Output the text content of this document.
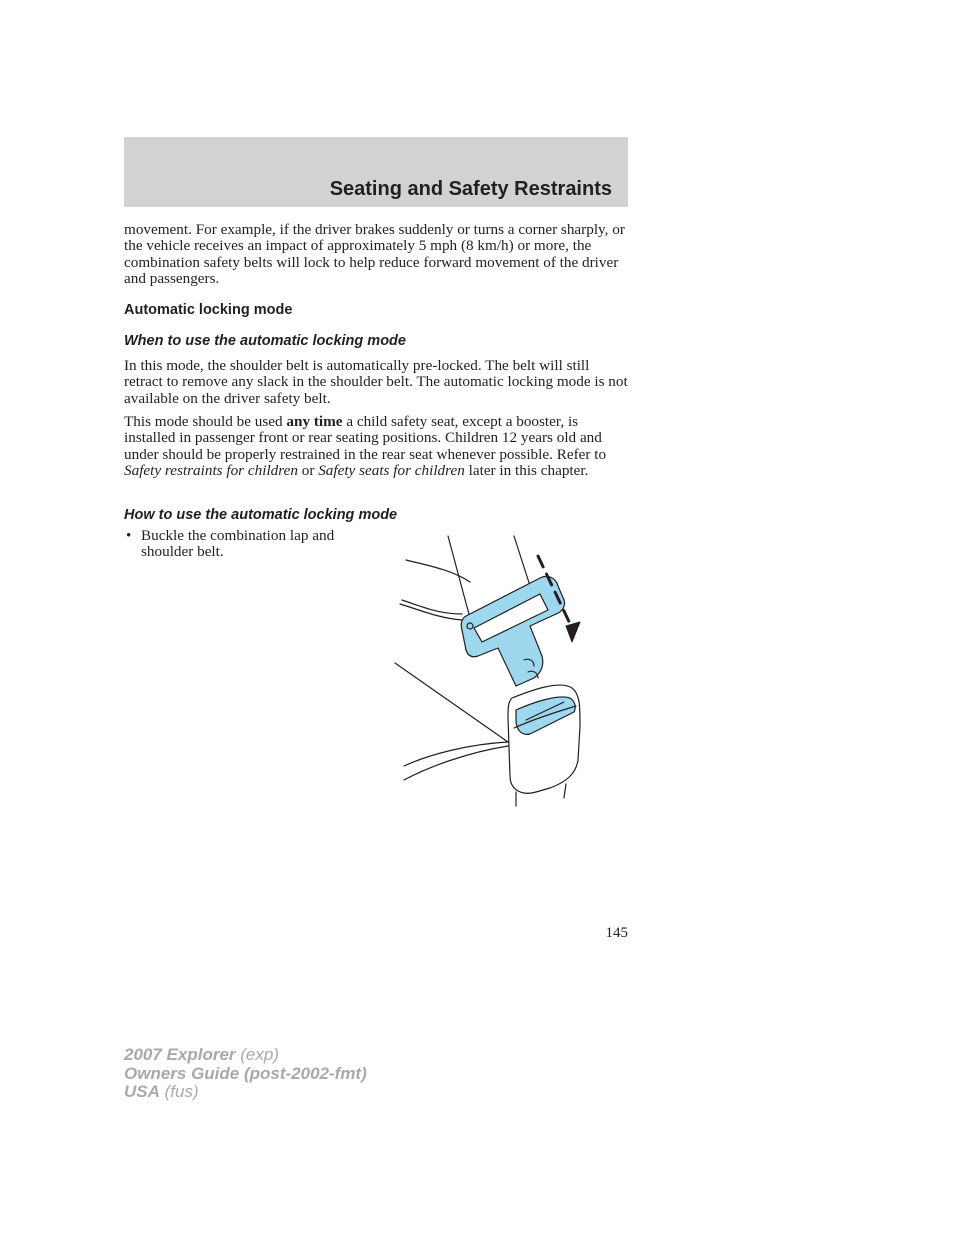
Seating and Safety Restraints

movement. For example, if the driver brakes suddenly or turns a corner sharply, or the vehicle receives an impact of approximately 5 mph (8 km/h) or more, the combination safety belts will lock to help reduce forward movement of the driver and passengers.

Automatic locking mode
When to use the automatic locking mode

In this mode, the shoulder belt is automatically pre-locked. The belt will still retract to remove any slack in the shoulder belt. The automatic locking mode is not available on the driver safety belt.

This mode should be used any time a child safety seat, except a booster, is installed in passenger front or rear seating positions. Children 12 years old and under should be properly restrained in the rear seat whenever possible. Refer to Safety restraints for children or Safety seats for children later in this chapter.

How to use the automatic locking mode
• Buckle the combination lap and shoulder belt.
145
2007 Explorer (exp)
Owners Guide (post-2002-fmt)
USA (fus)
